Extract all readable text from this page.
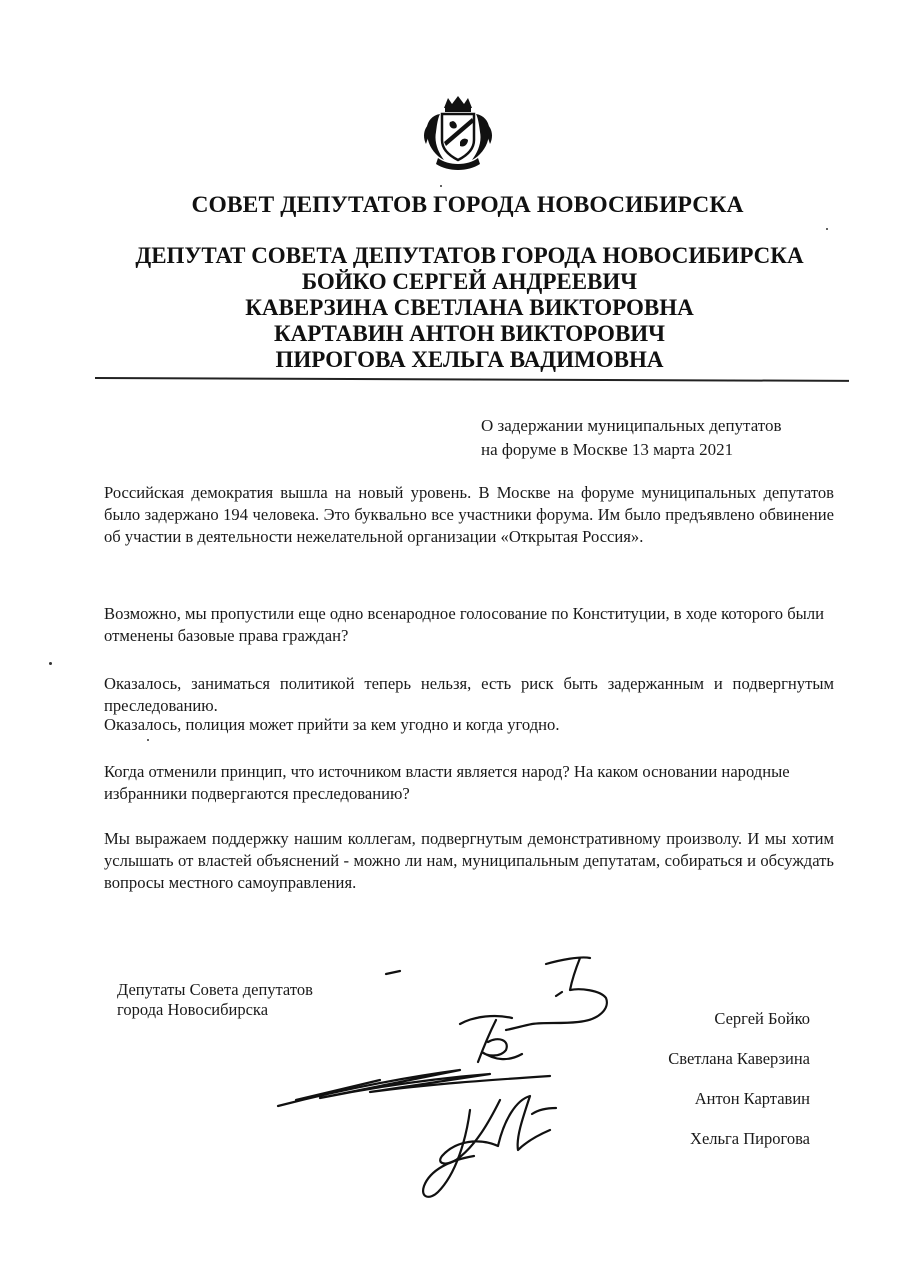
СОВЕТ ДЕПУТАТОВ ГОРОДА НОВОСИБИРСКА
ДЕПУТАТ СОВЕТА ДЕПУТАТОВ ГОРОДА НОВОСИБИРСКА
БОЙКО СЕРГЕЙ АНДРЕЕВИЧ
КАВЕРЗИНА СВЕТЛАНА ВИКТОРОВНА
КАРТАВИН АНТОН ВИКТОРОВИЧ
ПИРОГОВА ХЕЛЬГА ВАДИМОВНА
О задержании муниципальных депутатов
на форуме в Москве 13 марта 2021
Российская демократия вышла на новый уровень. В Москве на форуме муниципальных депутатов было задержано 194 человека. Это буквально все участники форума. Им было предъявлено обвинение об участии в деятельности нежелательной организации «Открытая Россия».
Возможно, мы пропустили еще одно всенародное голосование по Конституции, в ходе которого были отменены базовые права граждан?
Оказалось, заниматься политикой теперь нельзя, есть риск быть задержанным и подвергнутым преследованию.
Оказалось, полиция может прийти за кем угодно и когда угодно.
Когда отменили принцип, что источником власти является народ? На каком основании народные избранники подвергаются преследованию?
Мы выражаем поддержку нашим коллегам, подвергнутым демонстративному произволу. И мы хотим услышать от властей объяснений - можно ли нам, муниципальным депутатам, собираться и обсуждать вопросы местного самоуправления.
Депутаты Совета депутатов
города Новосибирска	Сергей Бойко
Светлана Каверзина
Антон Картавин
Хельга Пирогова
